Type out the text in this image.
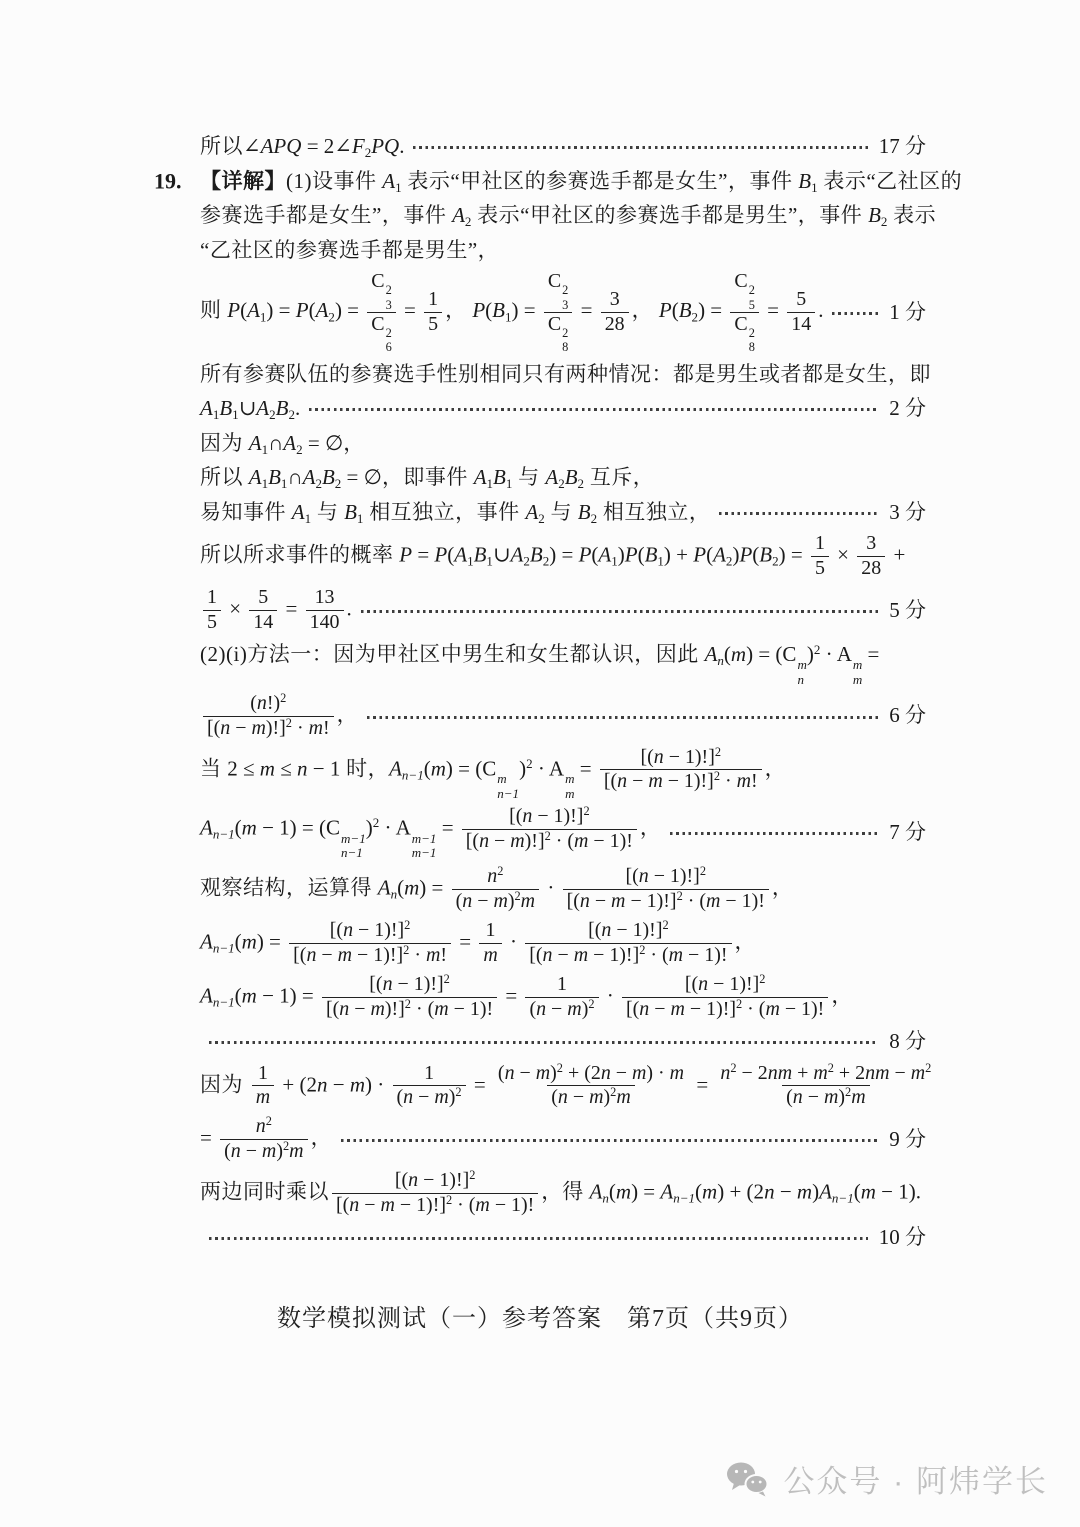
所以∠APQ = 2∠F2PQ.	17 分
19. 【详解】(1)设事件 A1 表示“甲社区的参赛选手都是女生”，事件 B1 表示“乙社区的
参赛选手都是女生”，事件 A2 表示“甲社区的参赛选手都是男生”，事件 B2 表示
“乙社区的参赛选手都是男生”，
则 P(A1) = P(A2) = C 2
3
C 2
$6 = \frac{1}{5}$ ， P(B1) = C 2
3
C 2
$8 = \frac{3}{28}$ ， P(B2) = C 2
5
C 2
$8 = \frac{5}{14}$ .	1 分
所有参赛队伍的参赛选手性别相同只有两种情况：都是男生或者都是女生，即
A1B1∪A2B2.	2 分
因为 A1∩A2 = ∅，
所以 A1B1∩A2B2 = ∅，即事件 A1B1 与 A2B2 互斥，
易知事件 A1 与 B1 相互独立，事件 A2 与 B2 相互独立，	3 分
所以所求事件的概率 P = P(A1B1∪A2B2) = $P(A1)P(B1) + P(A2)P(B2) = \frac{1}{5} \times \frac{3}{28}$ +
$\frac{1}{5} \times \frac{5}{14} = \frac{13}{140}$ .	5 分
(2)(i)方法一：因为甲社区中男生和女生都认识，因此 An(m) = (C m
n
)$^2$ · A m
m
=
$\frac{(n!)^2}{[(n - m)!]^2 \cdot m!}$ ，	6 分
当 2 ≤ m ≤ n − 1 时，An−1(m) = (C m
n−1
)$^2$ · A m
m
= $\frac{[(n - 1)!]^2}{[(n - m - 1)!]^2 \cdot m!}$ ，
An−1(m − 1) = (C m−1
n−1
)$^2$ · A m−1
m−1
= $\frac{[(n - 1)!]^2}{[(n - m)!]^2 \cdot (m - 1)!}$ ，	7 分
观察结构，运算得 $An(m) = \frac{n^2}{(n - m)^2m} \cdot \frac{[(n - 1)!]^2}{[(n - m - 1)!]^2 \cdot (m - 1)!}$ ，
$An-1(m) = \frac{[(n - 1)!]^2}{[(n - m - 1)!]^2 \cdot m!} = \frac{1}{m} \cdot \frac{[(n - 1)!]^2}{[(n - m - 1)!]^2 \cdot (m - 1)!}$ ，
$An-1(m - 1) = \frac{[(n - 1)!]^2}{[(n - m)!]^2 \cdot (m - 1)!} = \frac{1}{(n - m)^2} \cdot \frac{[(n - 1)!]^2}{[(n - m - 1)!]^2 \cdot (m - 1)!}$ ，
8 分
因为 $\frac{1}{m} + (2n - m) \cdot \frac{1}{(n - m)^2} = \frac{(n - m)^2 + (2n - m) \cdot m}{(n - m)^2m} = \frac{n^2 - 2nm + m^2 + 2nm - m^2}{(n - m)^2m}$
= $\frac{n^2}{(n - m)^2m}$ ，	9 分
两边同时乘以 $\frac{[(n - 1)!]^2}{[(n - m - 1)!]^2 \cdot (m - 1)!}$ ，得 An(m) = An−1(m) + (2n − m)An−1(m − 1).
10 分
数学模拟测试（一）参考答案　第7页（共9页）
公众号 · 阿炜学长
